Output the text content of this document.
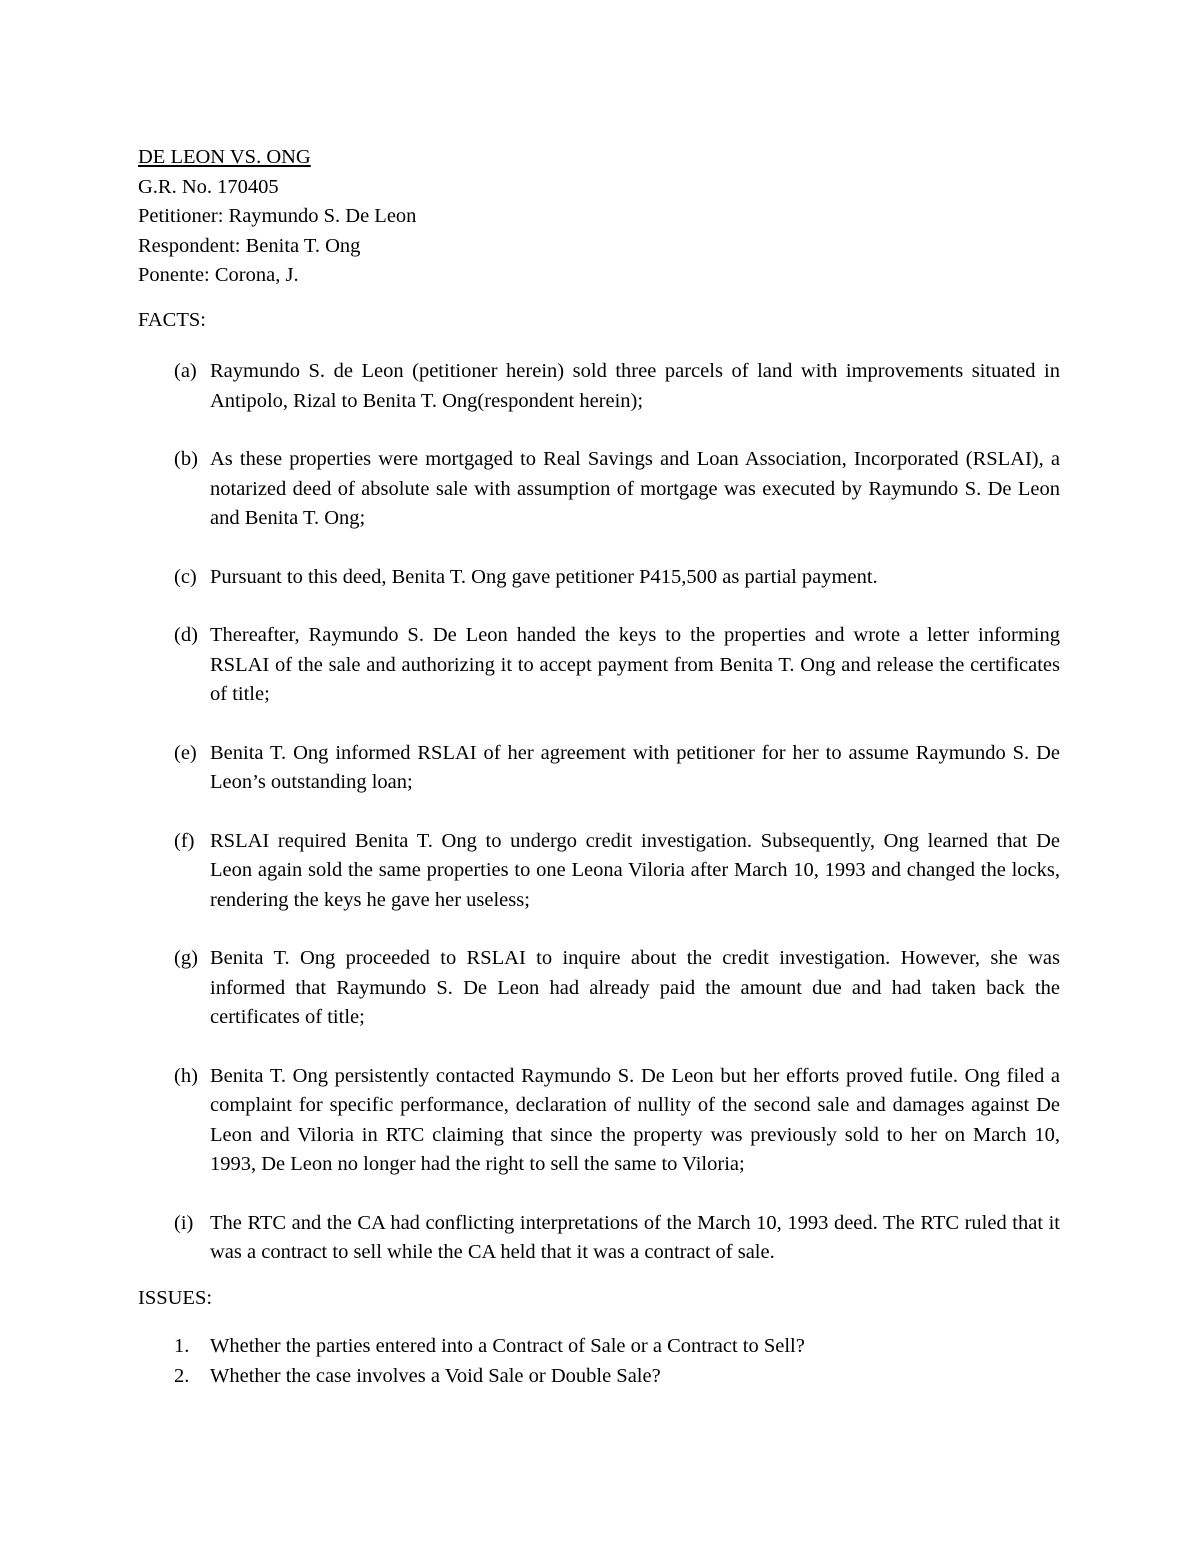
DE LEON VS. ONG

G.R. No. 170405

Petitioner: Raymundo S. De Leon

Respondent: Benita T. Ong

Ponente: Corona, J.

FACTS:

(a) Raymundo S. de Leon (petitioner herein) sold three parcels of land with improvements situated in Antipolo, Rizal to Benita T. Ong(respondent herein);
(b) As these properties were mortgaged to Real Savings and Loan Association, Incorporated (RSLAI), a notarized deed of absolute sale with assumption of mortgage was executed by Raymundo S. De Leon and Benita T. Ong;
(c) Pursuant to this deed, Benita T. Ong gave petitioner P415,500 as partial payment.
(d) Thereafter, Raymundo S. De Leon handed the keys to the properties and wrote a letter informing RSLAI of the sale and authorizing it to accept payment from Benita T. Ong and release the certificates of title;
(e) Benita T. Ong informed RSLAI of her agreement with petitioner for her to assume Raymundo S. De Leon’s outstanding loan;
(f) RSLAI required Benita T. Ong to undergo credit investigation. Subsequently, Ong learned that De Leon again sold the same properties to one Leona Viloria after March 10, 1993 and changed the locks, rendering the keys he gave her useless;
(g) Benita T. Ong proceeded to RSLAI to inquire about the credit investigation. However, she was informed that Raymundo S. De Leon had already paid the amount due and had taken back the certificates of title;
(h) Benita T. Ong persistently contacted Raymundo S. De Leon but her efforts proved futile. Ong filed a complaint for specific performance, declaration of nullity of the second sale and damages against De Leon and Viloria in RTC claiming that since the property was previously sold to her on March 10, 1993, De Leon no longer had the right to sell the same to Viloria;
(i) The RTC and the CA had conflicting interpretations of the March 10, 1993 deed. The RTC ruled that it was a contract to sell while the CA held that it was a contract of sale.

ISSUES:

1.	Whether the parties entered into a Contract of Sale or a Contract to Sell?
2.	Whether the case involves a Void Sale or Double Sale?
